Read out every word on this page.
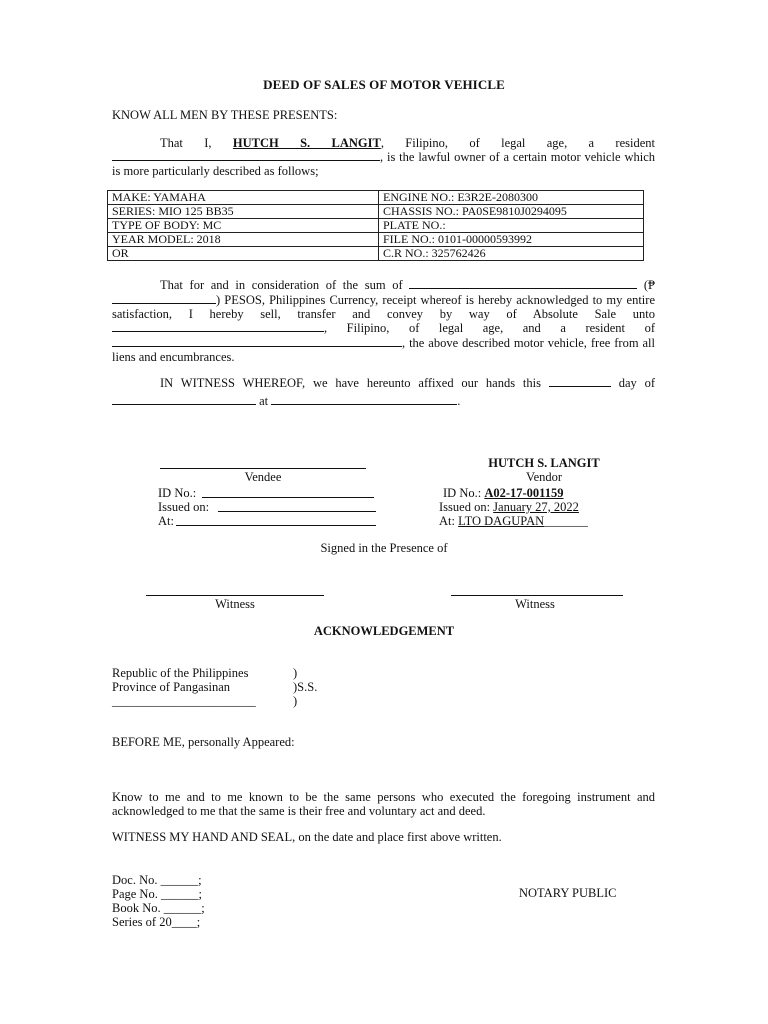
DEED OF SALES OF MOTOR VEHICLE
KNOW ALL MEN BY THESE PRESENTS:
That I, HUTCH S. LANGIT, Filipino, of legal age, a resident , is the lawful owner of a certain motor vehicle which is more particularly described as follows;
MAKE: YAMAHA	ENGINE NO.: E3R2E-2080300
SERIES: MIO 125 BB35	CHASSIS NO.: PA0SE9810J0294095
TYPE OF BODY: MC	PLATE NO.:
YEAR MODEL: 2018	FILE NO.: 0101-00000593992
OR	C.R NO.: 325762426
That for and in consideration of the sum of	(₱ ) PESOS, Philippines Currency, receipt whereof is hereby acknowledged to my entire satisfaction, I hereby sell, transfer and convey by way of Absolute Sale unto , Filipino, of legal age, and a resident of , the above described motor vehicle, free from all liens and encumbrances.
IN WITNESS WHEREOF, we have hereunto affixed our hands this	day of  at	.
Vendee
ID No.:
Issued on:
At:
HUTCH S. LANGIT
Vendor
ID No.: A02-17-001159
Issued on: January 27, 2022
At: LTO DAGUPAN_______
Signed in the Presence of
Witness	Witness
ACKNOWLEDGEMENT
Republic of the Philippines
Province of Pangasinan
_______________________
)
)S.S.
)
BEFORE ME, personally Appeared:
Know to me and to me known to be the same persons who executed the foregoing instrument and acknowledged to me that the same is their free and voluntary act and deed.
WITNESS MY HAND AND SEAL, on the date and place first above written.
Doc. No. ______;
Page No. ______;
Book No. ______;
Series of 20____;
NOTARY PUBLIC
